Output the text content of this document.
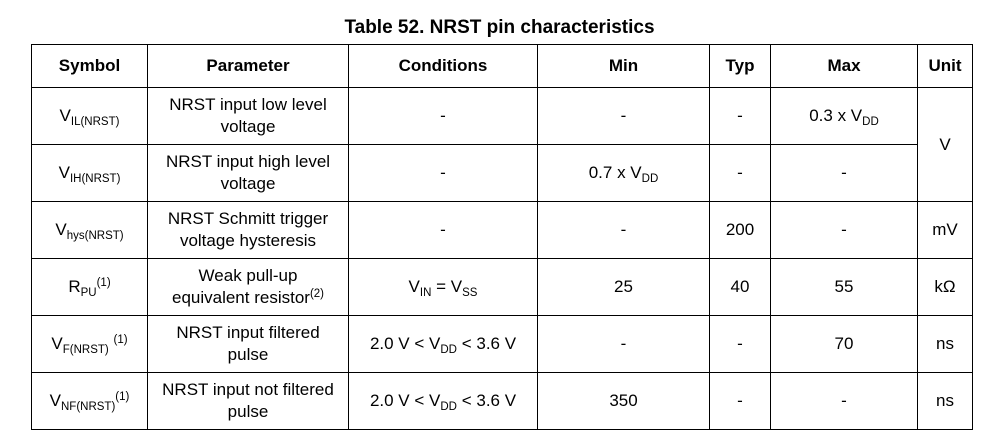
Table 52. NRST pin characteristics
Symbol	Parameter	Conditions	Min	Typ	Max	Unit
$V_{IL(NRST)}$	NRST input low level
voltage	-	-	-	0.3 x $V_{DD}$	V
$V_{IH(NRST)}$	NRST input high level
voltage	-	0.7 x $V_{DD}$	-	-	
$V_{hys(NRST)}$	NRST Schmitt trigger
voltage hysteresis	-	-	200	-	mV
$R_{PU}^{(1)}$	Weak pull-up
equivalent resistor$^{(2)}$	$V_{IN} = V_{SS}$	25	40	55	kΩ
$V_{F(NRST)}$ $^{(1)}$	NRST input filtered
pulse	2.0 $V < V_{DD} < 3.6$ V	-	-	70	ns
$V_{NF(NRST)}^{(1)}$	NRST input not filtered
pulse	2.0 $V < V_{DD} < 3.6$ V	350	-	-	ns
